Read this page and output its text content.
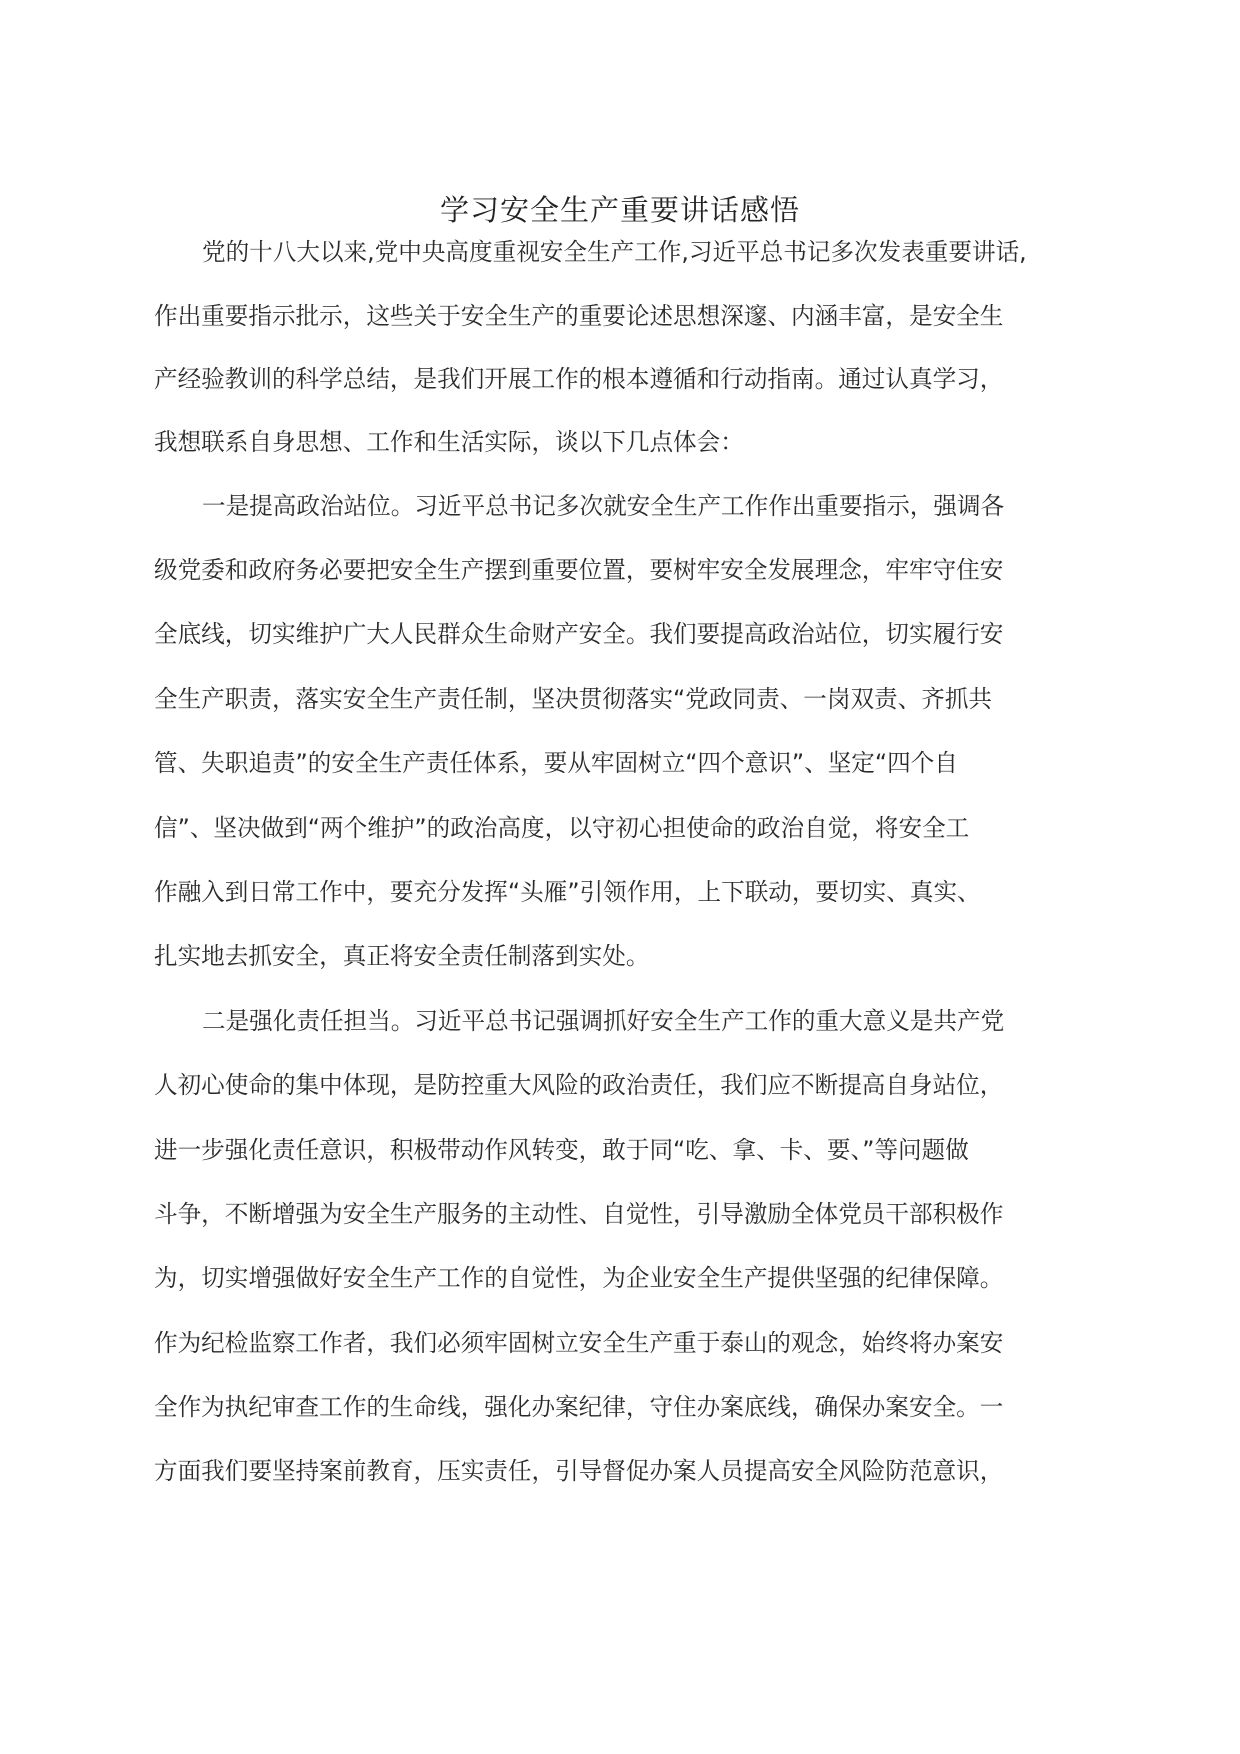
学习安全生产重要讲话感悟

党的十八大以来,党中央高度重视安全生产工作,习近平总书记多次发表重要讲话,

作出重要指示批示，这些关于安全生产的重要论述思想深邃、内涵丰富，是安全生

产经验教训的科学总结，是我们开展工作的根本遵循和行动指南。通过认真学习，

我想联系自身思想、工作和生活实际，谈以下几点体会：

一是提高政治站位。习近平总书记多次就安全生产工作作出重要指示，强调各

级党委和政府务必要把安全生产摆到重要位置，要树牢安全发展理念，牢牢守住安

全底线，切实维护广大人民群众生命财产安全。我们要提高政治站位，切实履行安

全生产职责，落实安全生产责任制，坚决贯彻落实“党政同责、一岗双责、齐抓共

管、失职追责”的安全生产责任体系，要从牢固树立“四个意识”、坚定“四个自

信”、坚决做到“两个维护”的政治高度，以守初心担使命的政治自觉，将安全工

作融入到日常工作中，要充分发挥“头雁”引领作用，上下联动，要切实、真实、

扎实地去抓安全，真正将安全责任制落到实处。

二是强化责任担当。习近平总书记强调抓好安全生产工作的重大意义是共产党

人初心使命的集中体现，是防控重大风险的政治责任，我们应不断提高自身站位，

进一步强化责任意识，积极带动作风转变，敢于同“吃、拿、卡、要、”等问题做

斗争，不断增强为安全生产服务的主动性、自觉性，引导激励全体党员干部积极作

为，切实增强做好安全生产工作的自觉性，为企业安全生产提供坚强的纪律保障。

作为纪检监察工作者，我们必须牢固树立安全生产重于泰山的观念，始终将办案安

全作为执纪审查工作的生命线，强化办案纪律，守住办案底线，确保办案安全。一

方面我们要坚持案前教育，压实责任，引导督促办案人员提高安全风险防范意识，
